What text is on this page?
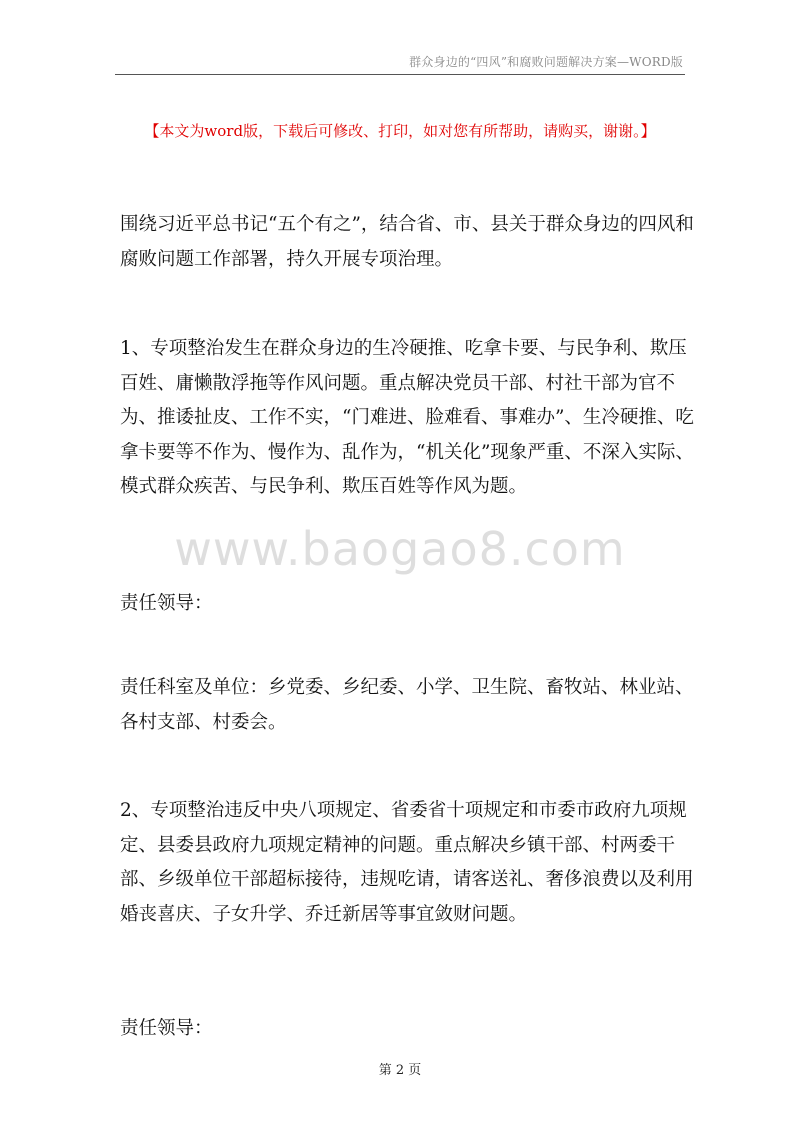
群众身边的“四风”和腐败问题解决方案—WORD版
【本文为word版，下载后可修改、打印，如对您有所帮助，请购买，谢谢。】

围绕习近平总书记“五个有之”，结合省、市、县关于群众身边的四风和腐败问题工作部署，持久开展专项治理。

1、专项整治发生在群众身边的生冷硬推、吃拿卡要、与民争利、欺压百姓、庸懒散浮拖等作风问题。重点解决党员干部、村社干部为官不为、推诿扯皮、工作不实，“门难进、脸难看、事难办”、生冷硬推、吃拿卡要等不作为、慢作为、乱作为，“机关化”现象严重、不深入实际、模式群众疾苦、与民争利、欺压百姓等作风为题。

责任领导：

责任科室及单位：乡党委、乡纪委、小学、卫生院、畜牧站、林业站、各村支部、村委会。

2、专项整治违反中央八项规定、省委省十项规定和市委市政府九项规定、县委县政府九项规定精神的问题。重点解决乡镇干部、村两委干部、乡级单位干部超标接待，违规吃请，请客送礼、奢侈浪费以及利用婚丧喜庆、子女升学、乔迁新居等事宜敛财问题。

责任领导：

www.baogao8.com
第 2 页
